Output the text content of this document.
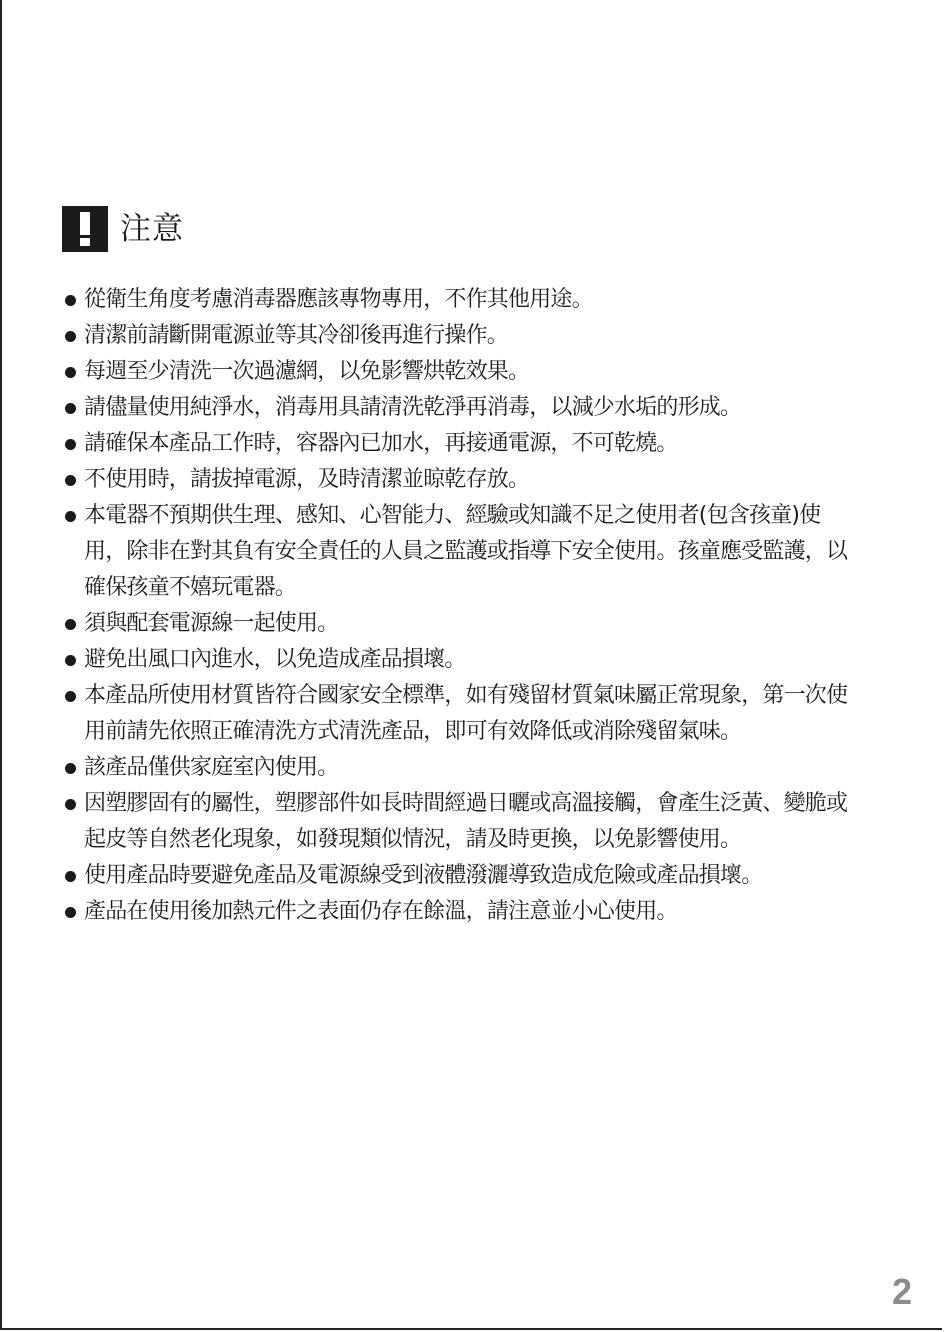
注意
從衛生角度考慮消毒器應該專物專用，不作其他用途。
清潔前請斷開電源並等其冷卻後再進行操作。
每週至少清洗一次過濾網，以免影響烘乾效果。
請儘量使用純淨水，消毒用具請清洗乾淨再消毒，以減少水垢的形成。
請確保本產品工作時，容器內已加水，再接通電源，不可乾燒。
不使用時，請拔掉電源，及時清潔並晾乾存放。
本電器不預期供生理、感知、心智能力、經驗或知識不足之使用者(包含孩童)使用，除非在對其負有安全責任的人員之監護或指導下安全使用。孩童應受監護，以確保孩童不嬉玩電器。
須與配套電源線一起使用。
避免出風口內進水，以免造成產品損壞。
本產品所使用材質皆符合國家安全標準，如有殘留材質氣味屬正常現象，第一次使用前請先依照正確清洗方式清洗產品，即可有效降低或消除殘留氣味。
該產品僅供家庭室內使用。
因塑膠固有的屬性，塑膠部件如長時間經過日曬或高溫接觸，會產生泛黃、變脆或起皮等自然老化現象，如發現類似情況，請及時更換，以免影響使用。
使用產品時要避免產品及電源線受到液體潑灑導致造成危險或產品損壞。
產品在使用後加熱元件之表面仍存在餘溫，請注意並小心使用。
2
